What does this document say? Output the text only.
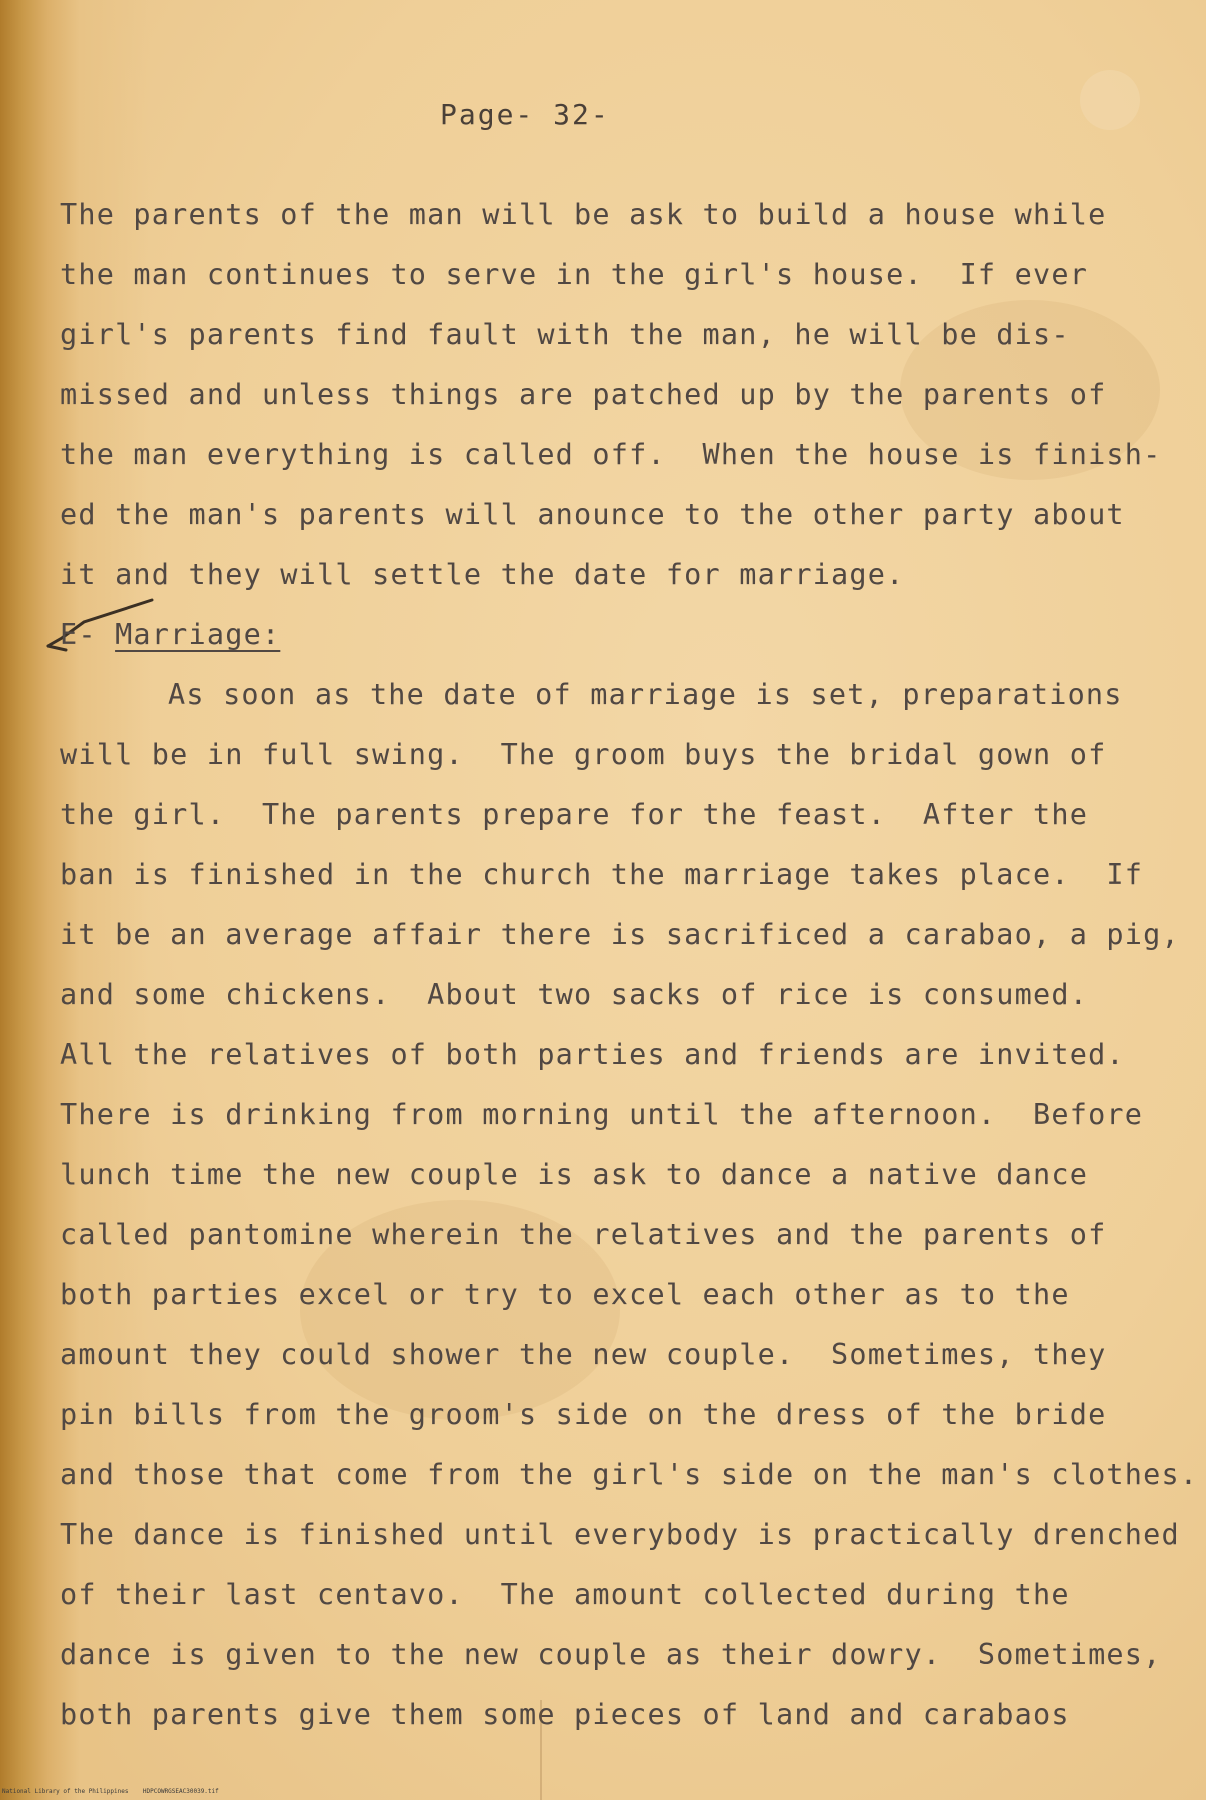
Page- 32-
The parents of the man will be ask to build a house while
the man continues to serve in the girl's house.  If ever
girl's parents find fault with the man, he will be dis-
missed and unless things are patched up by the parents of
the man everything is called off.  When the house is finish-
ed the man's parents will anounce to the other party about
it and they will settle the date for marriage.
E- Marriage:
As soon as the date of marriage is set, preparations
will be in full swing.  The groom buys the bridal gown of
the girl.  The parents prepare for the feast.  After the
ban is finished in the church the marriage takes place.  If
it be an average affair there is sacrificed a carabao, a pig,
and some chickens.  About two sacks of rice is consumed.
All the relatives of both parties and friends are invited.
There is drinking from morning until the afternoon.  Before
lunch time the new couple is ask to dance a native dance
called pantomine wherein the relatives and the parents of
both parties excel or try to excel each other as to the
amount they could shower the new couple.  Sometimes, they
pin bills from the groom's side on the dress of the bride
and those that come from the girl's side on the man's clothes.
The dance is finished until everybody is practically drenched
of their last centavo.  The amount collected during the
dance is given to the new couple as their dowry.  Sometimes,
both parents give them some pieces of land and carabaos
National Library of the Philippines HDPCOWRGSEAC30039.tif
